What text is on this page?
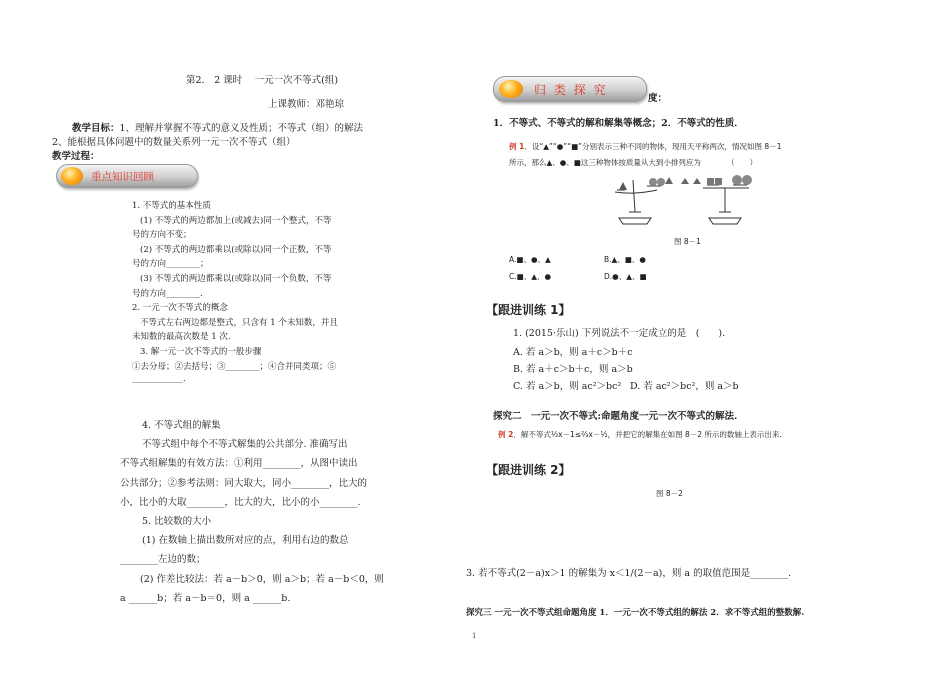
第2． 2 课时　 一元一次不等式(组)
上课教师：邓艳琼
教学目标：1、理解并掌握不等式的意义及性质；不等式（组）的解法
2、能根据具体问题中的数量关系列一元一次不等式（组）
教学过程：
重点知识回顾
1. 不等式的基本性质
(1) 不等式的两边都加上(或减去)同一个整式，不等
号的方向不变；
(2) 不等式的两边都乘以(或除以)同一个正数，不等
号的方向________；
(3) 不等式的两边都乘以(或除以)同一个负数，不等
号的方向________.
2. 一元一次不等式的概念
不等式左右两边都是整式，只含有 1 个未知数，并且
未知数的最高次数是 1 次.
3. 解一元一次不等式的一般步骤
①去分母；②去括号；③________；④合并同类项；⑤
____________.
4. 不等式组的解集
不等式组中每个不等式解集的公共部分. 准确写出
不等式组解集的有效方法：①利用________，从图中读出
公共部分；②参考法则：同大取大，同小________，比大的
小，比小的大取________，比大的大，比小的小________.
5. 比较数的大小
(1) 在数轴上描出数所对应的点，利用右边的数总
________左边的数；
(2) 作差比较法：若 a－b＞0，则 a＞b；若 a－b＜0，则
a ______b；若 a－b＝0，则 a ______b.
归 类 探 究
度：
1．不等式、不等式的解和解集等概念；2．不等式的性质．
例 1．设“▲”“●”“■”分别表示三种不同的物体，现用天平称两次，情况如图 8－1
所示，那么▲、●、■这三种物体按质量从大到小排列应为　　　　（　　）
图 8－1
A.■、●、▲	B.▲、■、●
C.■、▲、●	D.●、▲、■
【跟进训练 1】
1. (2015·乐山) 下列说法不一定成立的是　(　　).
A. 若 a＞b，则 a＋c＞b＋c
B. 若 a＋c＞b＋c，则 a＞b
C. 若 a＞b，则 ac²＞bc² D. 若 ac²＞bc²，则 a＞b
探究二　一元一次不等式:命题角度一元一次不等式的解法.
例 2．解不等式½x－1≤⅔x－½，并把它的解集在如图 8－2 所示的数轴上表示出来.
【跟进训练 2】
图 8－2
3. 若不等式(2－a)x＞1 的解集为 x＜1/(2－a)，则 a 的取值范围是________.
探究三 一元一次不等式组命题角度 1．一元一次不等式组的解法 2．求不等式组的整数解.
1
